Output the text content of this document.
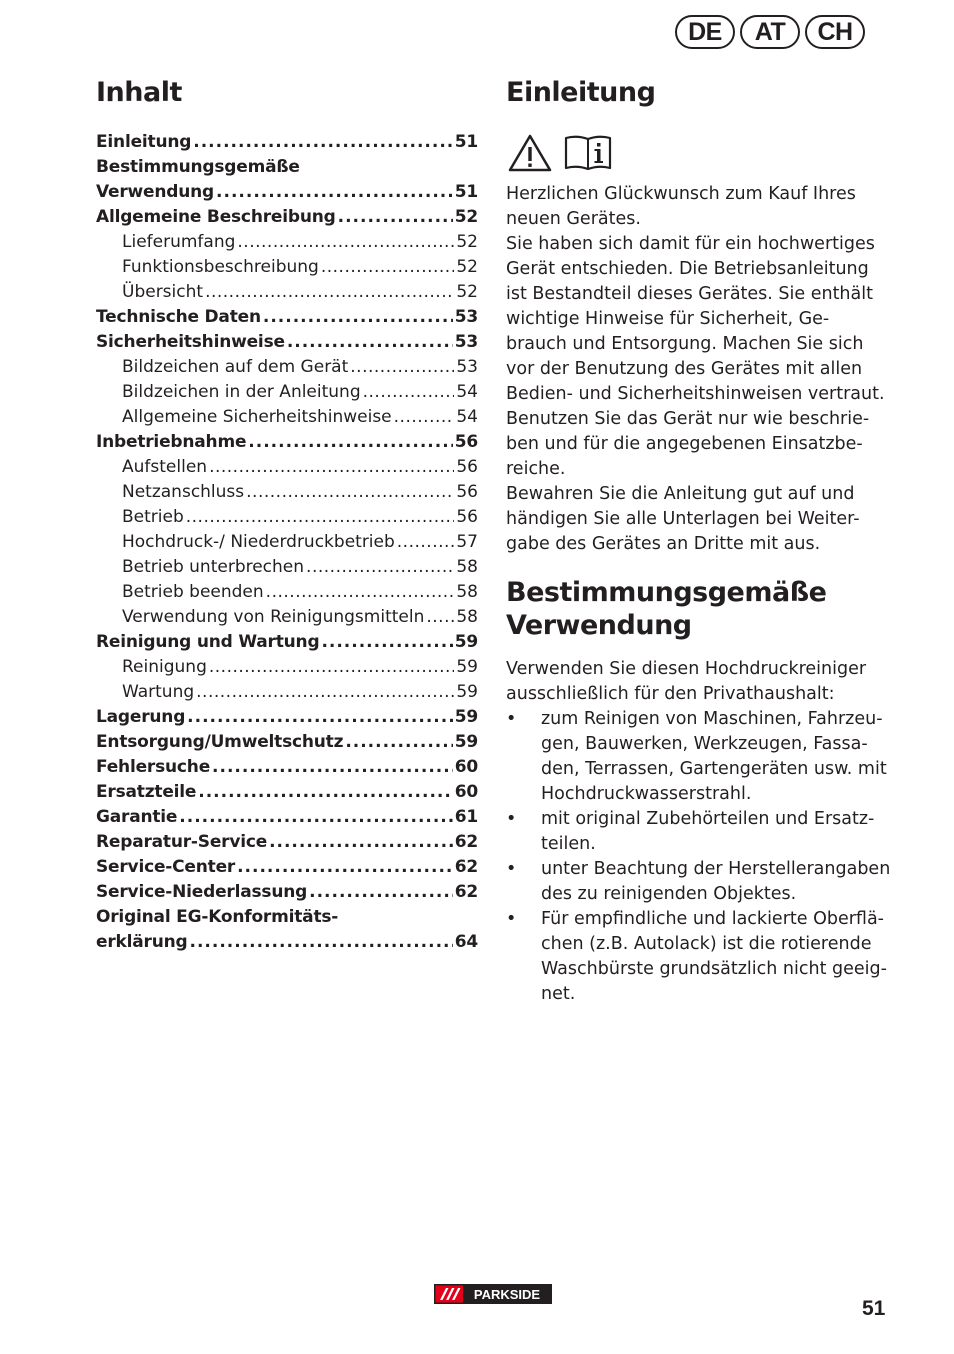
DE	AT	CH
Inhalt
Einleitung .....	51
Bestimmungsgemäße
Verwendung .....	51
Allgemeine Beschreibung .....	52
Lieferumfang .....	52
Funktionsbeschreibung .....	52
Übersicht .....	52
Technische Daten .....	53
Sicherheitshinweise .....	53
Bildzeichen auf dem Gerät .....	53
Bildzeichen in der Anleitung .....	54
Allgemeine Sicherheitshinweise .....	54
Inbetriebnahme .....	56
Aufstellen .....	56
Netzanschluss .....	56
Betrieb .....	56
Hochdruck-/ Niederdruckbetrieb .....	57
Betrieb unterbrechen .....	58
Betrieb beenden .....	58
Verwendung von Reinigungsmitteln ..... 58
Reinigung und Wartung .....	59
Reinigung .....	59
Wartung .....	59
Lagerung .....	59
Entsorgung/Umweltschutz .....	59
Fehlersuche .....	60
Ersatzteile .....	60
Garantie .....	61
Reparatur-Service .....	62
Service-Center .....	62
Service-Niederlassung .....	62
Original EG-Konformitäts-
erklärung .....	64
Einleitung

Herzlichen Glückwunsch zum Kauf Ihres

neuen Gerätes.

Sie haben sich damit für ein hochwertiges

Gerät entschieden. Die Betriebsanleitung

ist Bestandteil dieses Gerätes. Sie enthält

wichtige Hinweise für Sicherheit, Ge-

brauch und Entsorgung. Machen Sie sich

vor der Benutzung des Gerätes mit allen

Bedien- und Sicherheitshinweisen vertraut.

Benutzen Sie das Gerät nur wie beschrie-

ben und für die angegebenen Einsatzbe-

reiche.

Bewahren Sie die Anleitung gut auf und

händigen Sie alle Unterlagen bei Weiter-

gabe des Gerätes an Dritte mit aus.

Bestimmungsgemäße
Verwendung

Verwenden Sie diesen Hochdruckreiniger

ausschließlich für den Privathaushalt:

• zum Reinigen von Maschinen, Fahrzeu-
gen, Bauwerken, Werkzeugen, Fassa-
den, Terrassen, Gartengeräten usw. mit
Hochdruckwasserstrahl.
• mit original Zubehörteilen und Ersatz-
teilen.
• unter Beachtung der Herstellerangaben
des zu reinigenden Objektes.
• Für empfindliche und lackierte Oberflä-
chen (z.B. Autolack) ist die rotierende
Waschbürste grundsätzlich nicht geeig-
net.
PARKSIDE
51
